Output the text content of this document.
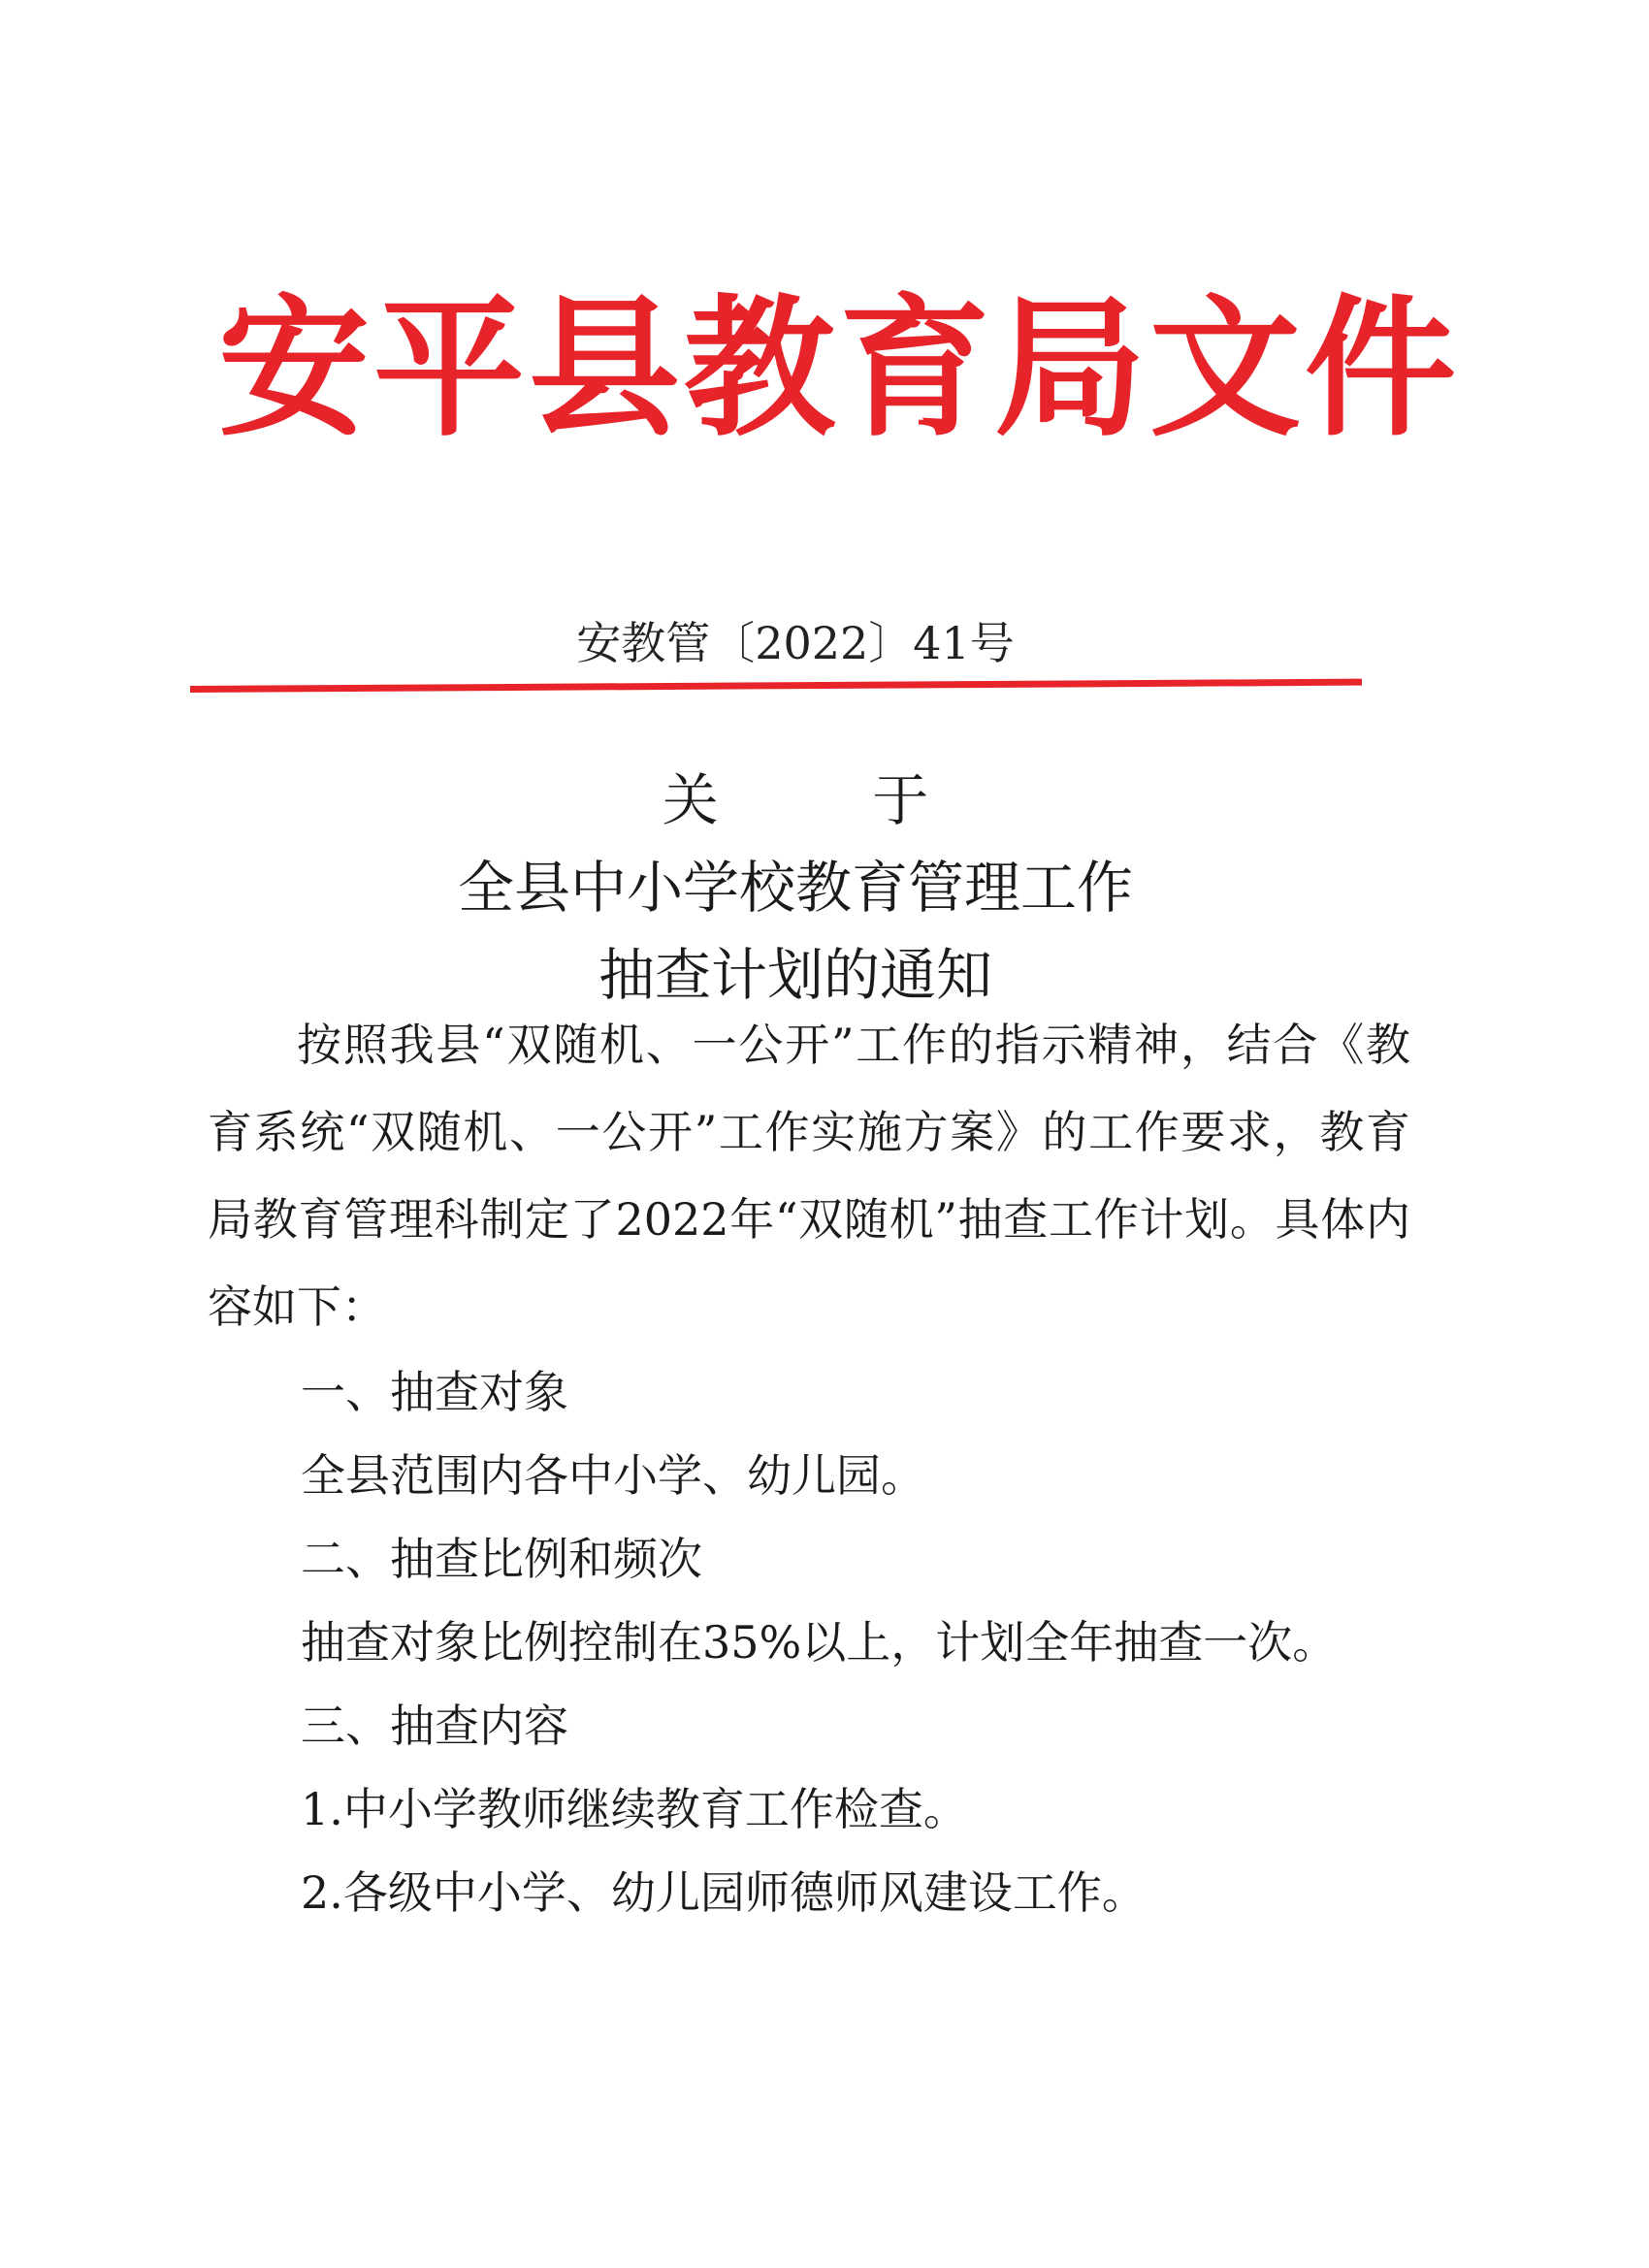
安平县教育局文件

安教管〔2022〕41号

关 于
全县中小学校教育管理工作
抽查计划的通知

按照我县“双随机、一公开”工作的指示精神，结合《教育系统“双随机、一公开”工作实施方案》的工作要求，教育局教育管理科制定了2022年“双随机”抽查工作计划。具体内容如下：

一、抽查对象

全县范围内各中小学、幼儿园。

二、抽查比例和频次

抽查对象比例控制在35%以上，计划全年抽查一次。

三、抽查内容

1.中小学教师继续教育工作检查。

2.各级中小学、幼儿园师德师风建设工作。
